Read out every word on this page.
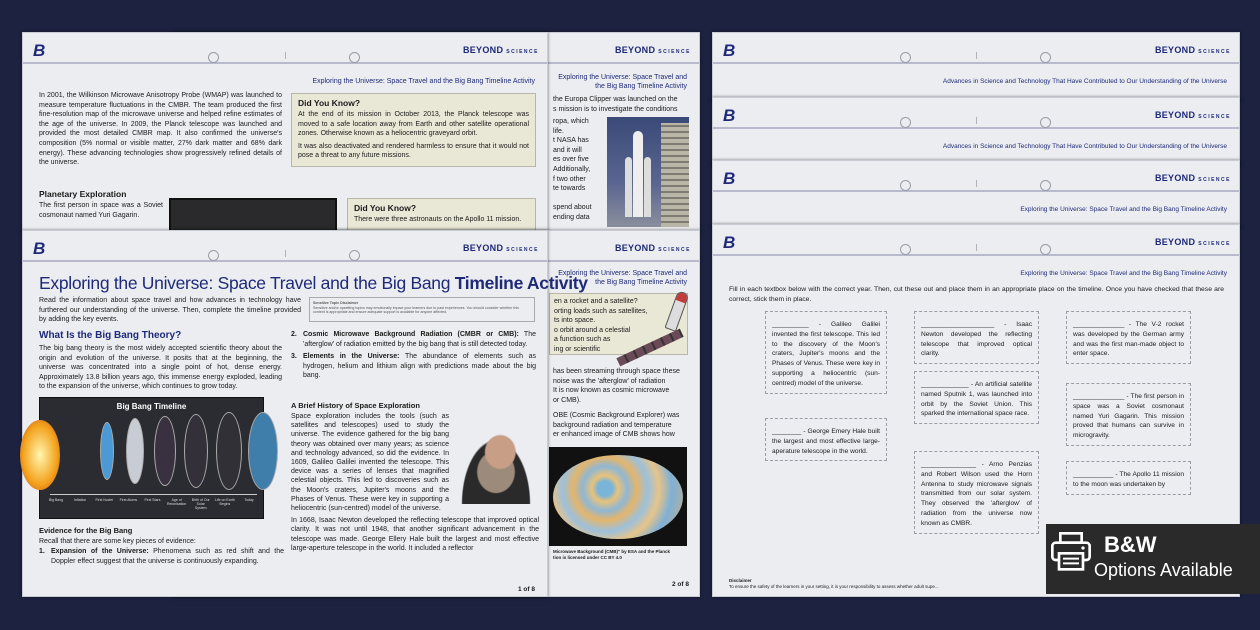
BEYOND SCIENCE
Exploring the Universe: Space Travel and the Big Bang Timeline Activity
the Europa Clipper was launched on the
s mission is to investigate the conditions
ropa, which
life.
t NASA has
and it will
es over five
Additionally,
f two other
te towards

spend about
ending data
B	BEYOND SCIENCE
Exploring the Universe: Space Travel and the Big Bang Timeline Activity
In 2001, the Wilkinson Microwave Anisotropy Probe (WMAP) was launched to measure temperature fluctuations in the CMBR. The team produced the first fine-resolution map of the microwave universe and helped refine estimates of the age of the universe. In 2009, the Planck telescope was launched and provided the most detailed CMBR map. It also confirmed the universe's composition (5% normal or visible matter, 27% dark matter and 68% dark energy). These advancing technologies show progressively refined details of the universe.
Did You Know?
At the end of its mission in October 2013, the Planck telescope was moved to a safe location away from Earth and other satellite operational zones. Otherwise known as a heliocentric graveyard orbit.
It was also deactivated and rendered harmless to ensure that it would not pose a threat to any future missions.
Planetary Exploration
The first person in space was a Soviet cosmonaut named Yuri Gagarin.
Did You Know?
There were three astronauts on the Apollo 11 mission.
BEYOND SCIENCE
Exploring the Universe: Space Travel and the Big Bang Timeline Activity
en a rocket and a satellite?
orting loads such as satellites,
ts into space.
o orbit around a celestial
a function such as
ing or scientific
has been streaming through space these
noise was the 'afterglow' of radiation
It is now known as cosmic microwave
or CMB).
OBE (Cosmic Background Explorer) was
background radiation and temperature
er enhanced image of CMB shows how
Microwave Background (CMB)" by ESA and the Planck
tion is licensed under CC BY 4.0
2 of 8
B	BEYOND SCIENCE
Exploring the Universe: Space Travel and the Big Bang Timeline Activity
Read the information about space travel and how advances in technology have furthered our understanding of the universe. Then, complete the timeline provided by adding the key events.
Sensitive Topic Disclaimer
Sensitive and/or upsetting topics may emotionally impact your learners due to past experiences. You should consider whether this content is appropriate and ensure adequate support is available for anyone affected.
What Is the Big Bang Theory?
The big bang theory is the most widely accepted scientific theory about the origin and evolution of the universe. It posits that at the beginning, the universe was concentrated into a single point of hot, dense energy. Approximately 13.8 billion years ago, this immense energy exploded, leading to the expansion of the universe, which continues to grow today.
Big Bang Timeline
Big Bang	Inflation	First Nuclei	First Atoms	First Stars	Age of Reionisation
Birth of Our Solar System
Life on Earth Begins
Today
Evidence for the Big Bang
Recall that there are some key pieces of evidence:
1. Expansion of the Universe: Phenomena such as red shift and the Doppler effect suggest that the universe is continuously expanding.
2. Cosmic Microwave Background Radiation (CMBR or CMB): The 'afterglow' of radiation emitted by the big bang that is still detected today.
3. Elements in the Universe: The abundance of elements such as hydrogen, helium and lithium align with predictions made about the big bang.
A Brief History of Space Exploration
Space exploration includes the tools (such as satellites and telescopes) used to study the universe. The evidence gathered for the big bang theory was obtained over many years; as science and technology advanced, so did the evidence. In 1609, Galileo Galilei invented the telescope. This device was a series of lenses that magnified celestial objects. This led to discoveries such as the Moon's craters, Jupiter's moons and the Phases of Venus. These were key in supporting a heliocentric (sun-centred) model of the universe.
In 1668, Isaac Newton developed the reflecting telescope that improved optical clarity. It was not until 1948, that another significant advancement in the telescope was made. George Ellery Hale built the largest and most effective large-aperture telescope in the world. It included a reflector
1 of 8
B	BEYOND SCIENCE
Advances in Science and Technology That Have Contributed to Our Understanding of the Universe
B	BEYOND SCIENCE
Advances in Science and Technology That Have Contributed to Our Understanding of the Universe
B	BEYOND SCIENCE
Exploring the Universe: Space Travel and the Big Bang Timeline Activity
B	BEYOND SCIENCE
Exploring the Universe: Space Travel and the Big Bang Timeline Activity
Fill in each textbox below with the correct year. Then, cut these out and place them in an appropriate place on the timeline. Once you have checked that these are correct, stick them in place.
Disclaimer
To ensure the safety of the learners in your setting, it is your responsibility to assess whether adult supe...
__________ - Galileo Galilei invented the first telescope. This led to the discovery of the Moon's craters, Jupiter's moons and the Phases of Venus. These were key in supporting a heliocentric (sun-centred) model of the universe.
________ - George Emery Hale built the largest and most effective large-aperature telescope in the world.
____________________ - Isaac Newton developed the reflecting telescope that improved optical clarity.
_____________ - An artificial satellite named Sputnik 1, was launched into orbit by the Soviet Union. This sparked the international space race.
_______________ - Arno Penzias and Robert Wilson used the Horn Antenna to study microwave signals transmitted from our solar system. They observed the 'afterglow' of radiation from the universe now known as CMBR.
______________ - The V-2 rocket was developed by the German army and was the first man-made object to enter space.
______________ - The first person in space was a Soviet cosmonaut named Yuri Gagarin. This mission proved that humans can survive in microgravity.
___________ - The Apollo 11 mission to the moon was undertaken by
B&W
Options Available
